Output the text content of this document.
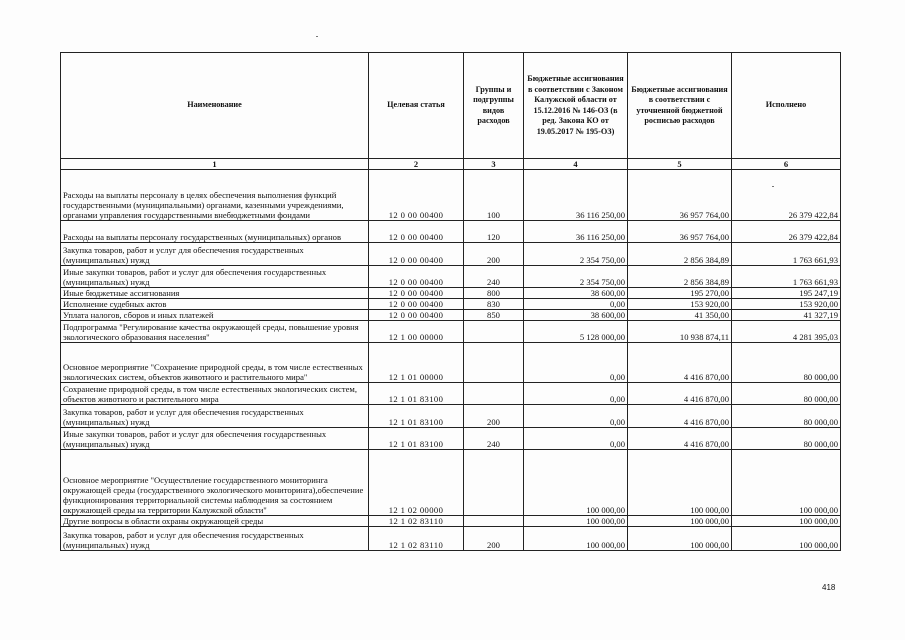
Наименование	Целевая статья	Группы и подгруппы видов расходов	Бюджетные ассигнования в соответствии с Законом Калужской области от 15.12.2016 № 146-ОЗ (в ред. Закона КО от 19.05.2017 № 195-ОЗ)	Бюджетные ассигнования в соответствии с уточненной бюджетной росписью расходов	Исполнено
1	2	3	4	5	6
Расходы на выплаты персоналу в целях обеспечения выполнения функций государственными (муниципальными) органами, казенными учреждениями, органами управления государственными внебюджетными фондами	12 0 00 00400	100	36 116 250,00	36 957 764,00	26 379 422,84
Расходы на выплаты персоналу государственных (муниципальных) органов	12 0 00 00400	120	36 116 250,00	36 957 764,00	26 379 422,84
Закупка товаров, работ и услуг для обеспечения государственных (муниципальных) нужд	12 0 00 00400	200	2 354 750,00	2 856 384,89	1 763 661,93
Иные закупки товаров, работ и услуг для обеспечения государственных (муниципальных) нужд	12 0 00 00400	240	2 354 750,00	2 856 384,89	1 763 661,93
Иные бюджетные ассигнования	12 0 00 00400	800	38 600,00	195 270,00	195 247,19
Исполнение судебных актов	12 0 00 00400	830	0,00	153 920,00	153 920,00
Уплата налогов, сборов и иных платежей	12 0 00 00400	850	38 600,00	41 350,00	41 327,19
Подпрограмма "Регулирование качества окружающей среды, повышение уровня экологического образования населения"	12 1 00 00000		5 128 000,00	10 938 874,11	4 281 395,03
Основное мероприятие "Сохранение природной среды, в том числе естественных экологических систем, объектов животного и растительного мира"	12 1 01 00000		0,00	4 416 870,00	80 000,00
Сохранение природной среды, в том числе естественных экологических систем, объектов животного и растительного мира	12 1 01 83100		0,00	4 416 870,00	80 000,00
Закупка товаров, работ и услуг для обеспечения государственных (муниципальных) нужд	12 1 01 83100	200	0,00	4 416 870,00	80 000,00
Иные закупки товаров, работ и услуг для обеспечения государственных (муниципальных) нужд	12 1 01 83100	240	0,00	4 416 870,00	80 000,00
Основное мероприятие "Осуществление государственного мониторинга окружающей среды (государственного экологического мониторинга),обеспечение функционирования территориальной системы наблюдения за состоянием окружающей среды на территории Калужской области"	12 1 02 00000		100 000,00	100 000,00	100 000,00
Другие вопросы в области охраны окружающей среды	12 1 02 83110		100 000,00	100 000,00	100 000,00
Закупка товаров, работ и услуг для обеспечения государственных (муниципальных) нужд	12 1 02 83110	200	100 000,00	100 000,00	100 000,00
418
